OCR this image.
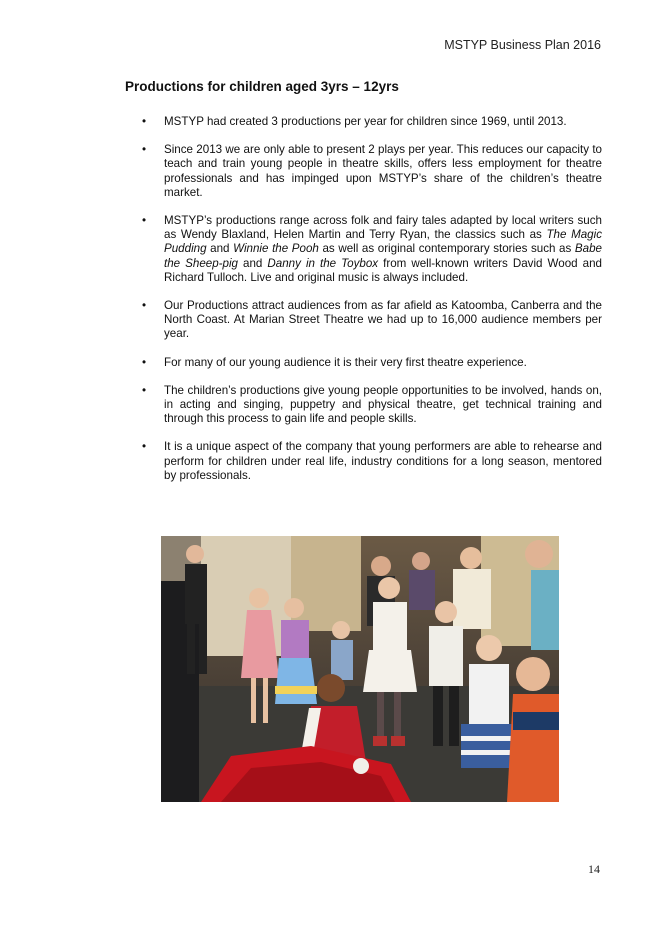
MSTYP Business Plan 2016
Productions for children aged 3yrs – 12yrs
• MSTYP had created 3 productions per year for children since 1969, until 2013.
• Since 2013 we are only able to present 2 plays per year. This reduces our capacity to teach and train young people in theatre skills, offers less employment for theatre professionals and has impinged upon MSTYP’s share of the children’s theatre market.
• MSTYP’s productions range across folk and fairy tales adapted by local writers such as Wendy Blaxland, Helen Martin and Terry Ryan, the classics such as The Magic Pudding and Winnie the Pooh as well as original contemporary stories such as Babe the Sheep-pig and Danny in the Toybox from well-known writers David Wood and Richard Tulloch. Live and original music is always included.
• Our Productions attract audiences from as far afield as Katoomba, Canberra and the North Coast. At Marian Street Theatre we had up to 16,000 audience members per year.
• For many of our young audience it is their very first theatre experience.
• The children’s productions give young people opportunities to be involved, hands on, in acting and singing, puppetry and physical theatre, get technical training and through this process to gain life and people skills.
• It is a unique aspect of the company that young performers are able to rehearse and perform for children under real life, industry conditions for a long season, mentored by professionals.
14
